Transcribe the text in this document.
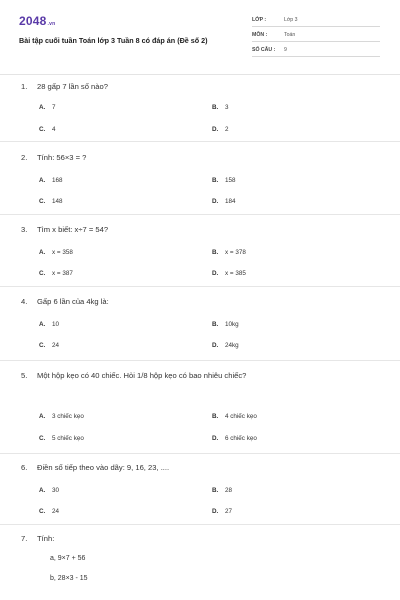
2048.vn
Bài tập cuối tuần Toán lớp 3 Tuần 8 có đáp án (Đề số 2)
LỚP :	Lớp 3
MÔN :	Toán
SỐ CÂU : 9
1. 28 gấp 7 lần số nào?
A. 7	B. 3
C. 4	D. 2
2. Tính: 56×3 = ?
A. 168	B. 158
C. 148	D. 184
3. Tìm x biết: x÷7 = 54?
A. x = 358	B. x = 378
C. x = 387	D. x = 385
4. Gấp 6 lần của 4kg là:
A. 10	B. 10kg
C. 24	D. 24kg
5. Một hộp kẹo có 40 chiếc. Hỏi 1/8 hộp kẹo có bao nhiêu chiếc?
A. 3 chiếc kẹo	B. 4 chiếc kẹo
C. 5 chiếc kẹo	D. 6 chiếc kẹo
6. Điền số tiếp theo vào dãy: 9, 16, 23, ....
A. 30	B. 28
C. 24	D. 27
7. Tính:
a, 9×7 + 56
b, 28×3 - 15
